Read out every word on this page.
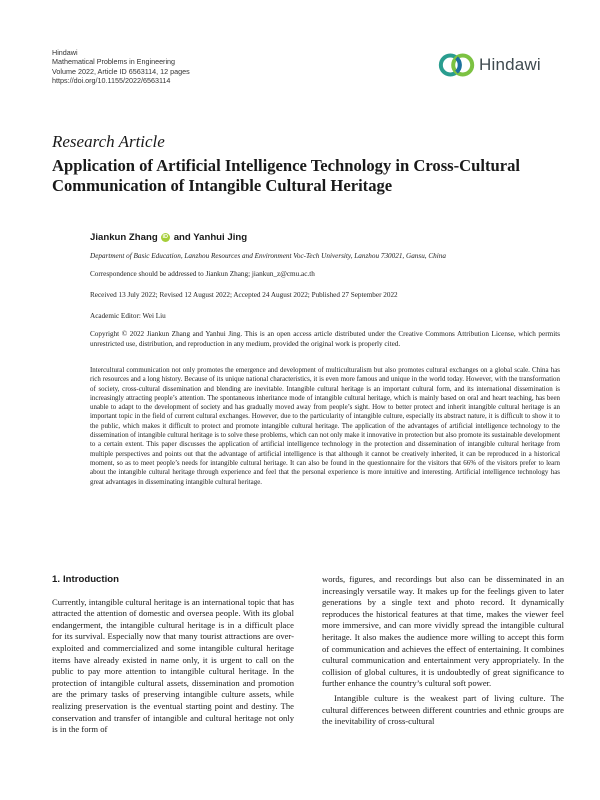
Hindawi
Mathematical Problems in Engineering
Volume 2022, Article ID 6563114, 12 pages
https://doi.org/10.1155/2022/6563114
Hindawi
Research Article
Application of Artificial Intelligence Technology in Cross-Cultural Communication of Intangible Cultural Heritage
Jiankun Zhang iD and Yanhui Jing
Department of Basic Education, Lanzhou Resources and Environment Voc-Tech University, Lanzhou 730021, Gansu, China
Correspondence should be addressed to Jiankun Zhang; jiankun_z@cmu.ac.th
Received 13 July 2022; Revised 12 August 2022; Accepted 24 August 2022; Published 27 September 2022
Academic Editor: Wei Liu
Copyright © 2022 Jiankun Zhang and Yanhui Jing. This is an open access article distributed under the Creative Commons Attribution License, which permits unrestricted use, distribution, and reproduction in any medium, provided the original work is properly cited.
Intercultural communication not only promotes the emergence and development of multiculturalism but also promotes cultural exchanges on a global scale. China has rich resources and a long history. Because of its unique national characteristics, it is even more famous and unique in the world today. However, with the transformation of society, cross-cultural dissemination and blending are inevitable. Intangible cultural heritage is an important cultural form, and its international dissemination is increasingly attracting people’s attention. The spontaneous inheritance mode of intangible cultural heritage, which is mainly based on oral and heart teaching, has been unable to adapt to the development of society and has gradually moved away from people’s sight. How to better protect and inherit intangible cultural heritage is an important topic in the field of current cultural exchanges. However, due to the particularity of intangible culture, especially its abstract nature, it is difficult to show it to the public, which makes it difficult to protect and promote intangible cultural heritage. The application of the advantages of artificial intelligence technology to the dissemination of intangible cultural heritage is to solve these problems, which can not only make it innovative in protection but also promote its sustainable development to a certain extent. This paper discusses the application of artificial intelligence technology in the protection and dissemination of intangible cultural heritage from multiple perspectives and points out that the advantage of artificial intelligence is that although it cannot be creatively inherited, it can be reproduced in a historical moment, so as to meet people’s needs for intangible cultural heritage. It can also be found in the questionnaire for the visitors that 66% of the visitors prefer to learn about the intangible cultural heritage through experience and feel that the personal experience is more intuitive and interesting. Artificial intelligence technology has great advantages in disseminating intangible cultural heritage.
1. Introduction

Currently, intangible cultural heritage is an international topic that has attracted the attention of domestic and oversea people. With its global endangerment, the intangible cultural heritage is in a difficult place for its survival. Especially now that many tourist attractions are over-exploited and commercialized and some intangible cultural heritage items have already existed in name only, it is urgent to call on the public to pay more attention to intangible cultural heritage. In the protection of intangible cultural assets, dissemination and promotion are the primary tasks of preserving intangible culture assets, while realizing preservation is the eventual starting point and destiny. The conservation and transfer of intangible and cultural heritage not only is in the form of

words, figures, and recordings but also can be disseminated in an increasingly versatile way. It makes up for the feelings given to later generations by a single text and photo record. It dynamically reproduces the historical features at that time, makes the viewer feel more immersive, and can more vividly spread the intangible cultural heritage. It also makes the audience more willing to accept this form of communication and achieves the effect of entertaining. It combines cultural communication and entertainment very appropriately. In the collision of global cultures, it is undoubtedly of great significance to further enhance the country’s cultural soft power.

Intangible culture is the weakest part of living culture. The cultural differences between different countries and ethnic groups are the inevitability of cross-cultural
